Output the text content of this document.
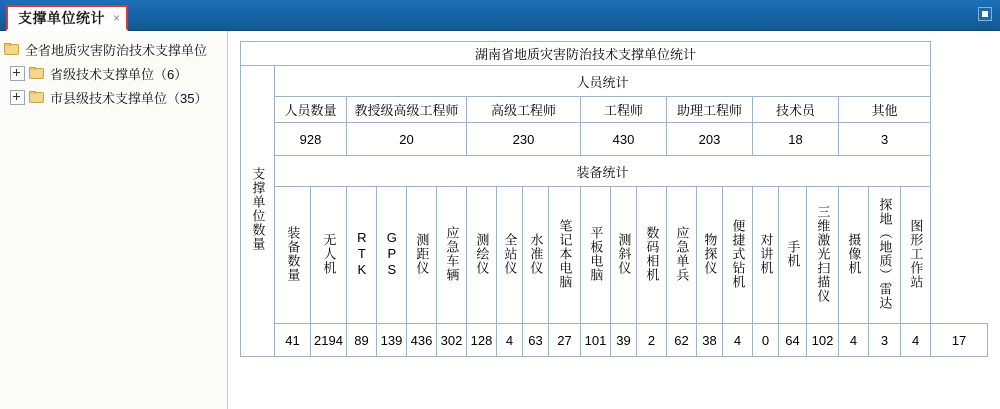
支撑单位统计 ×
全省地质灾害防治技术支撑单位
省级技术支撑单位（6）
市县级技术支撑单位（35）
湖南省地质灾害防治技术支撑单位统计																							
支撑单位数量	人员统计																						
	人员数量		教授级高级工程师				高级工程师				工程师			助理工程师			技术员			其他			
	928		20				230				430			203			18			3			
	装备统计																						
	装备数量	无人机	RTK	GPS	测距仪	应急车辆	测绘仪	全站仪	水准仪	笔记本电脑	平板电脑	测斜仪	数码相机	应急单兵	物探仪	便捷式钻机	对讲机	手机	三维激光扫描仪	摄像机	探地（地质）雷达	图形工作站	
	41	2194	89	139	436	302	128	4	63	27	101	39	2	62	38	4	0	64	102	4	3	4	17
